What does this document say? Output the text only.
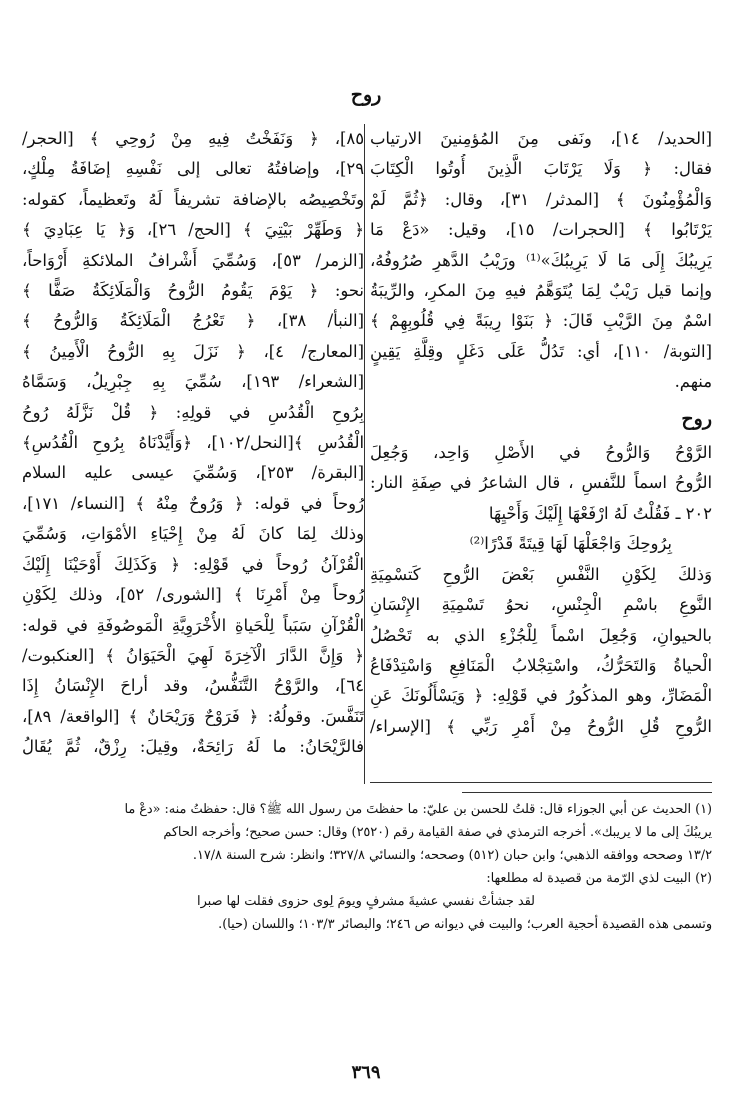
روح
[الحديد/ ١٤]، ونَفى مِنَ المُؤمِنينَ الارتياب
فقال: ﴿ وَلَا يَرْتَابَ الَّذِينَ أُوتُوا الْكِتَابَ
وَالْمُؤْمِنُونَ ﴾ [المدثر/ ٣١]، وقال: ﴿ثُمَّ لَمْ
يَرْتَابُوا ﴾ [الحجرات/ ١٥]، وقيل: «دَعْ مَا
يَرِيبُكَ إِلَى مَا لَا يَرِيبُكَ»⁽¹⁾ ورَيْبُ الدَّهرِ صُرُوفُهُ،
وإنما قيل رَيْبٌ لِمَا يُتَوَهَّمُ فيهِ مِنَ المكرِ، والرِّيبَةُ
اسْمٌ مِنَ الرَّيْبِ قَالَ: ﴿ بَنَوْا رِيبَةً فِي قُلُوبِهِمْ ﴾
[التوبة/ ١١٠]، أي: تَدُلُّ عَلَى دَغَلٍ وقِلَّةِ يَقِينٍ
منهم.
روح
الرَّوْحُ وَالرُّوحُ في الأَصْلِ وَاحِد، وَجُعِلَ
الرُّوحُ اسماً للنَّفسِ ، قال الشاعرُ في صِفَةِ النار:
٢٠٢ ـ فَقُلْتُ لَهُ ارْفَعْهَا إِلَيْكَ وَأَحْيِهَا
بِرُوحِكَ وَاجْعَلْهَا لَهَا قِيتَةً قَدْرًا⁽²⁾
وَذلكَ لِكَوْنِ النَّفْسِ بَعْضَ الرُّوحِ كَتسْمِيَةِ
النَّوعِ باسْمِ الْجِنْسِ، نحوُ تَسْمِيَةِ الإِنْسَانِ
بالحيوانِ، وَجُعِلَ اسْماً لِلْجُزْءِ الذي به تَحْصُلُ
الْحياةُ وَالتَحَرُّكُ، واسْتِجْلابُ الْمَنَافِعِ وَاسْتِدْفَاعُ
الْمَضَارِّ، وهو المذكُورُ في قَوْلِهِ: ﴿ وَيَسْأَلُونَكَ عَنِ
الرُّوحِ قُلِ الرُّوحُ مِنْ أَمْرِ رَبِّي ﴾ [الإسراء/
٨٥]، ﴿ وَنَفَخْتُ فِيهِ مِنْ رُوحِي ﴾ [الحجر/
٢٩]، وإضافتُهُ تعالى إلى نَفْسِهِ إضَافَةُ مِلْكٍ،
وتَخْصِيصُه بالإضافة تشريفاً لَهُ وتَعظيماً، كقوله:
﴿ وَطَهِّرْ بَيْتِيَ ﴾ [الحج/ ٢٦]، وَ﴿ يَا عِبَادِيَ ﴾
[الزمر/ ٥٣]، وَسُمِّيَ أَشْرافُ الملائكةِ أَرْوَاحاً،
نحو: ﴿ يَوْمَ يَقُومُ الرُّوحُ وَالْمَلَائِكَةُ صَفًّا ﴾
[النبأ/ ٣٨]، ﴿ تَعْرُجُ الْمَلَائِكَةُ وَالرُّوحُ ﴾
[المعارج/ ٤]، ﴿ نَزَلَ بِهِ الرُّوحُ الْأَمِينُ ﴾
[الشعراء/ ١٩٣]، سُمِّيَ بِهِ جِبْرِيلُ، وَسَمَّاهُ
بِرُوحِ الْقُدُسِ في قولِهِ: ﴿ قُلْ نَزَّلَهُ رُوحُ
الْقُدُسِ ﴾[النحل/١٠٢]، ﴿وَأَيَّدْنَاهُ بِرُوحِ الْقُدُسِ﴾
[البقرة/ ٢٥٣]، وَسُمِّيَ عيسى عليه السلام
رُوحاً في قوله: ﴿ وَرُوحٌ مِنْهُ ﴾ [النساء/ ١٧١]،
وذلك لِمَا كانَ لَهُ مِنْ إِحْيَاءِ الأمْوَاتِ، وَسُمِّيَ
الْقُرْآنُ رُوحاً في قَوْلِهِ: ﴿ وَكَذَلِكَ أَوْحَيْنَا إِلَيْكَ
رُوحاً مِنْ أَمْرِنَا ﴾ [الشورى/ ٥٢]، وذلك لِكَوْنِ
الْقُرْآنِ سَبَباً لِلْحَياةِ الأُخْرَوِيَّةِ الْمَوصُوفَةِ في قوله:
﴿ وَإِنَّ الدَّارَ الْآخِرَةَ لَهِيَ الْحَيَوَانُ ﴾ [العنكبوت/
٦٤]، والرَّوْحُ التَّنَفُّسُ، وقد أراحَ الإِنْسَانُ إِذَا
تَنَفَّسَ. وقولُهُ: ﴿ فَرَوْحٌ وَرَيْحَانٌ ﴾ [الواقعة/ ٨٩]،
فالرَّيْحَانُ: ما لَهُ رَائِحَةٌ، وقِيلَ: رِزْقٌ، ثُمَّ يُقَالُ
(١) الحديث عن أبي الجوزاء قال: قلتُ للحسن بن عليّ: ما حفظتَ من رسول الله ﷺ؟ قال: حفظتُ منه: «دعْ ما
يريبُكَ إلى ما لا يريبك». أخرجه الترمذي في صفة القيامة رقم (٢٥٢٠) وقال: حسن صحيح؛ وأخرجه الحاكم
١٣/٢ وصححه ووافقه الذهبي؛ وابن حبان (٥١٢) وصححه؛ والنسائي ٣٢٧/٨؛ وانظر: شرح السنة ١٧/٨.
(٢) البيت لذي الرّمة من قصيدة له مطلعها:
لقد جشأتْ نفسي عشيةَ مشرفٍ ويومَ لِوى حزوى فقلت لها صبرا
وتسمى هذه القصيدة أحجية العرب؛ والبيت في ديوانه ص ٢٤٦؛ والبصائر ١٠٣/٣؛ واللسان (حيا).
٣٦٩
